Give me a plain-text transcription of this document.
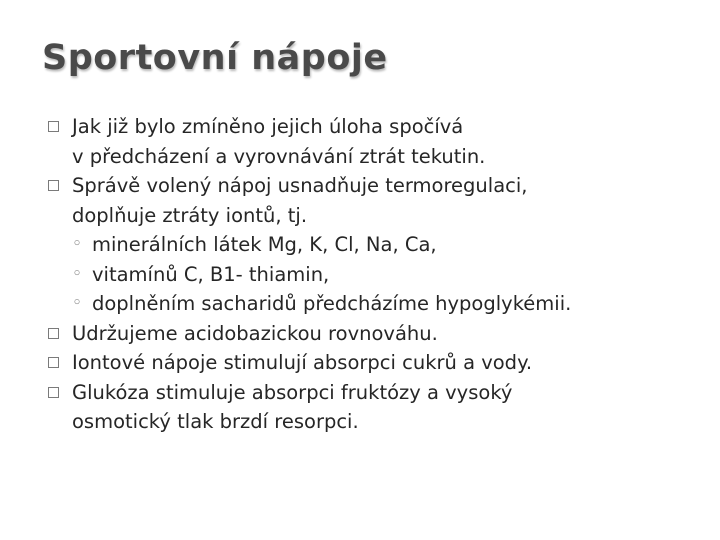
Sportovní nápoje
Jak již bylo zmíněno jejich úloha spočívá
v předcházení a vyrovnávání ztrát tekutin.
Správě volený nápoj usnadňuje termoregulaci,
doplňuje ztráty iontů, tj.
◦ minerálních látek Mg, K, Cl, Na, Ca,
◦ vitamínů C, B1- thiamin,
◦ doplněním sacharidů předcházíme hypoglykémii.
Udržujeme acidobazickou rovnováhu.
Iontové nápoje stimulují absorpci cukrů a vody.
Glukóza stimuluje absorpci fruktózy a vysoký
osmotický tlak brzdí resorpci.
